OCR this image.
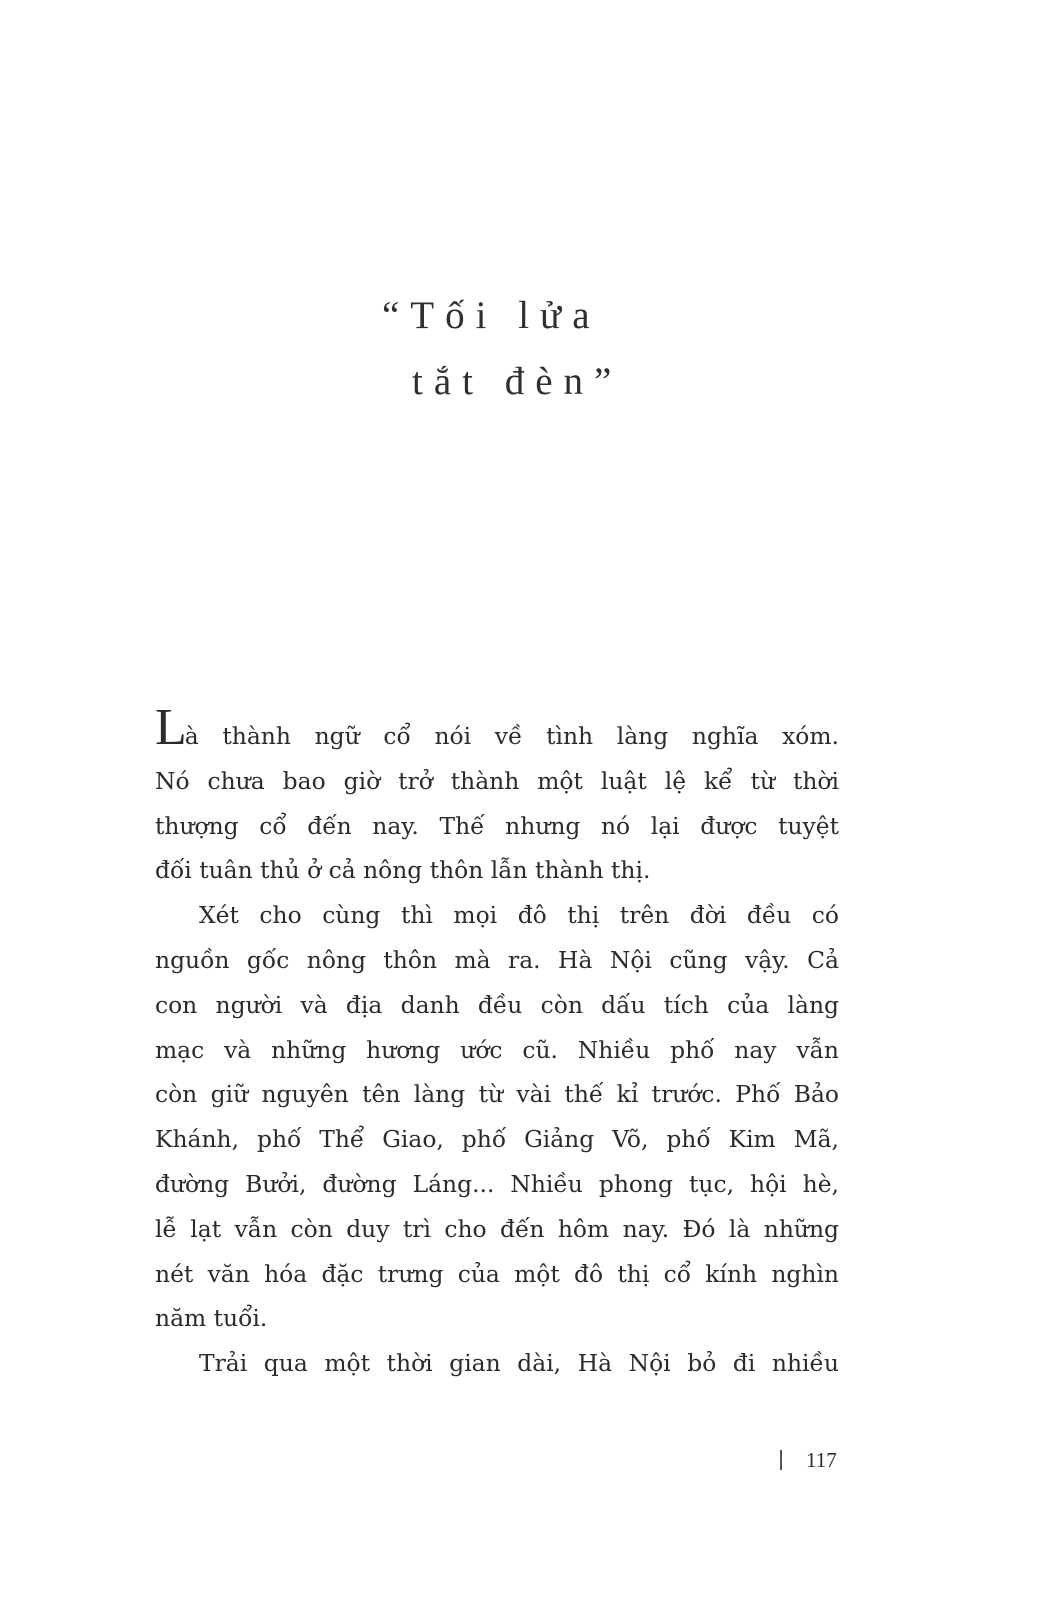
“Tối lửa
tắt đèn”

Là thành ngữ cổ nói về tình làng nghĩa xóm.
Nó chưa bao giờ trở thành một luật lệ kể từ thời
thượng cổ đến nay. Thế nhưng nó lại được tuyệt
đối tuân thủ ở cả nông thôn lẫn thành thị.

Xét cho cùng thì mọi đô thị trên đời đều có
nguồn gốc nông thôn mà ra. Hà Nội cũng vậy. Cả
con người và địa danh đều còn dấu tích của làng
mạc và những hương ước cũ. Nhiều phố nay vẫn
còn giữ nguyên tên làng từ vài thế kỉ trước. Phố Bảo
Khánh, phố Thể Giao, phố Giảng Võ, phố Kim Mã,
đường Bưởi, đường Láng... Nhiều phong tục, hội hè,
lễ lạt vẫn còn duy trì cho đến hôm nay. Đó là những
nét văn hóa đặc trưng của một đô thị cổ kính nghìn
năm tuổi.

Trải qua một thời gian dài, Hà Nội bỏ đi nhiều

117
